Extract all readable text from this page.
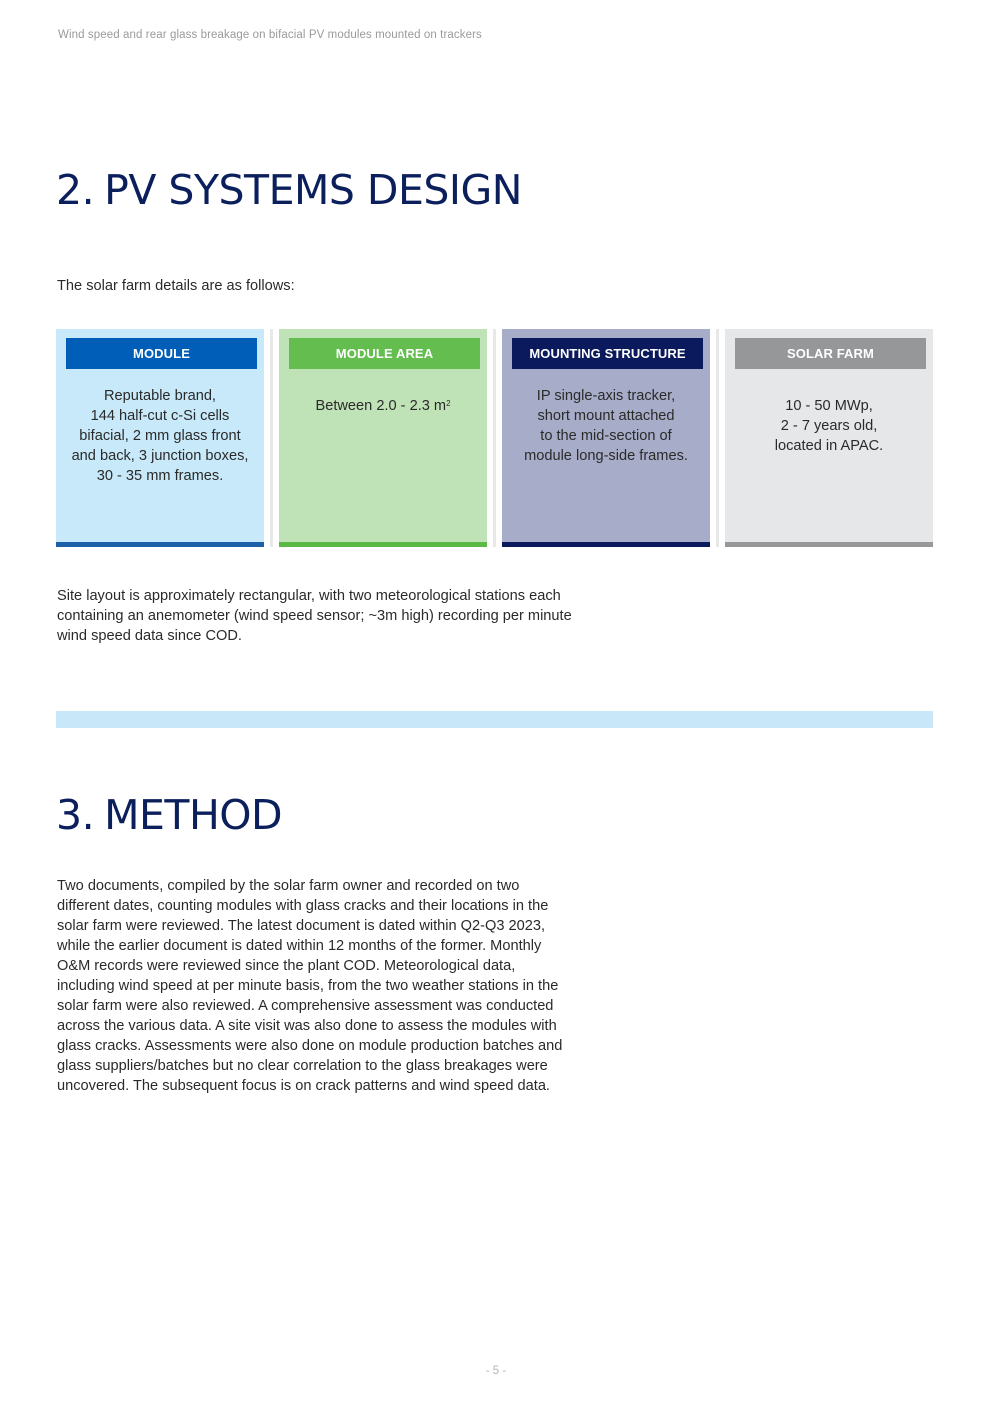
Wind speed and rear glass breakage on bifacial PV modules mounted on trackers
2. PV SYSTEMS DESIGN

The solar farm details are as follows:

MODULE
Reputable brand,
144 half-cut c-Si cells
bifacial, 2 mm glass front
and back, 3 junction boxes,
30 - 35 mm frames.
MODULE AREA
Between 2.0 - 2.3 $m^2$
MOUNTING STRUCTURE
IP single-axis tracker,
short mount attached
to the mid-section of
module long-side frames.
SOLAR FARM
10 - 50 MWp,
2 - 7 years old,
located in APAC.

Site layout is approximately rectangular, with two meteorological stations each containing an anemometer (wind speed sensor; ~3m high) recording per minute wind speed data since COD.

3. METHOD

Two documents, compiled by the solar farm owner and recorded on two different dates, counting modules with glass cracks and their locations in the solar farm were reviewed. The latest document is dated within Q2-Q3 2023, while the earlier document is dated within 12 months of the former. Monthly O&M records were reviewed since the plant COD. Meteorological data, including wind speed at per minute basis, from the two weather stations in the solar farm were also reviewed. A comprehensive assessment was conducted across the various data. A site visit was also done to assess the modules with glass cracks. Assessments were also done on module production batches and glass suppliers/batches but no clear correlation to the glass breakages were uncovered. The subsequent focus is on crack patterns and wind speed data.

- 5 -
